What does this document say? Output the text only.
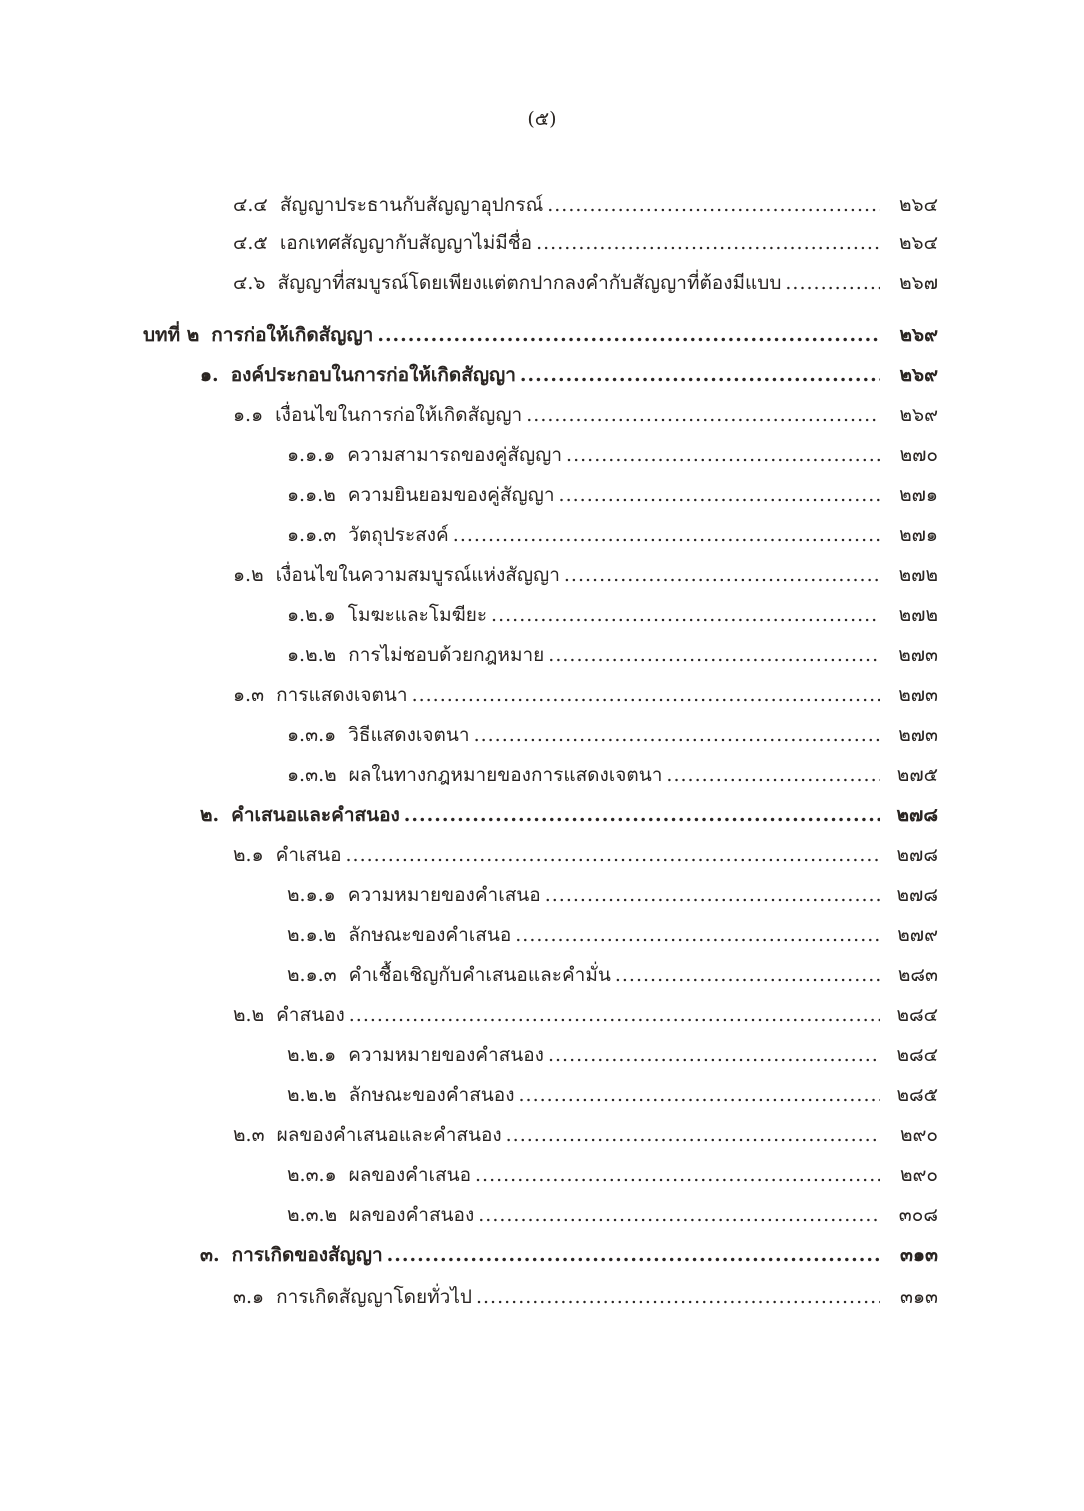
(๕)
๔.๔ สัญญาประธานกับสัญญาอุปกรณ์ .....	๒๖๔
๔.๕ เอกเทศสัญญากับสัญญาไม่มีชื่อ .....	๒๖๔
๔.๖ สัญญาที่สมบูรณ์โดยเพียงแต่ตกปากลงคำกับสัญญาที่ต้องมีแบบ .....	๒๖๗
บทที่ ๒ การก่อให้เกิดสัญญา .....	๒๖๙
๑. องค์ประกอบในการก่อให้เกิดสัญญา .....	๒๖๙
๑.๑ เงื่อนไขในการก่อให้เกิดสัญญา .....	๒๖๙
๑.๑.๑ ความสามารถของคู่สัญญา .....	๒๗๐
๑.๑.๒ ความยินยอมของคู่สัญญา .....	๒๗๑
๑.๑.๓ วัตถุประสงค์ .....	๒๗๑
๑.๒ เงื่อนไขในความสมบูรณ์แห่งสัญญา .....	๒๗๒
๑.๒.๑ โมฆะและโมฆียะ .....	๒๗๒
๑.๒.๒ การไม่ชอบด้วยกฎหมาย .....	๒๗๓
๑.๓ การแสดงเจตนา .....	๒๗๓
๑.๓.๑ วิธีแสดงเจตนา .....	๒๗๓
๑.๓.๒ ผลในทางกฎหมายของการแสดงเจตนา .....	๒๗๕
๒. คำเสนอและคำสนอง .....	๒๗๘
๒.๑ คำเสนอ .....	๒๗๘
๒.๑.๑ ความหมายของคำเสนอ .....	๒๗๘
๒.๑.๒ ลักษณะของคำเสนอ .....	๒๗๙
๒.๑.๓ คำเชื้อเชิญกับคำเสนอและคำมั่น .....	๒๘๓
๒.๒ คำสนอง .....	๒๘๔
๒.๒.๑ ความหมายของคำสนอง .....	๒๘๔
๒.๒.๒ ลักษณะของคำสนอง .....	๒๘๕
๒.๓ ผลของคำเสนอและคำสนอง .....	๒๙๐
๒.๓.๑ ผลของคำเสนอ .....	๒๙๐
๒.๓.๒ ผลของคำสนอง .....	๓๐๘
๓. การเกิดของสัญญา .....	๓๑๓
๓.๑ การเกิดสัญญาโดยทั่วไป .....	๓๑๓
